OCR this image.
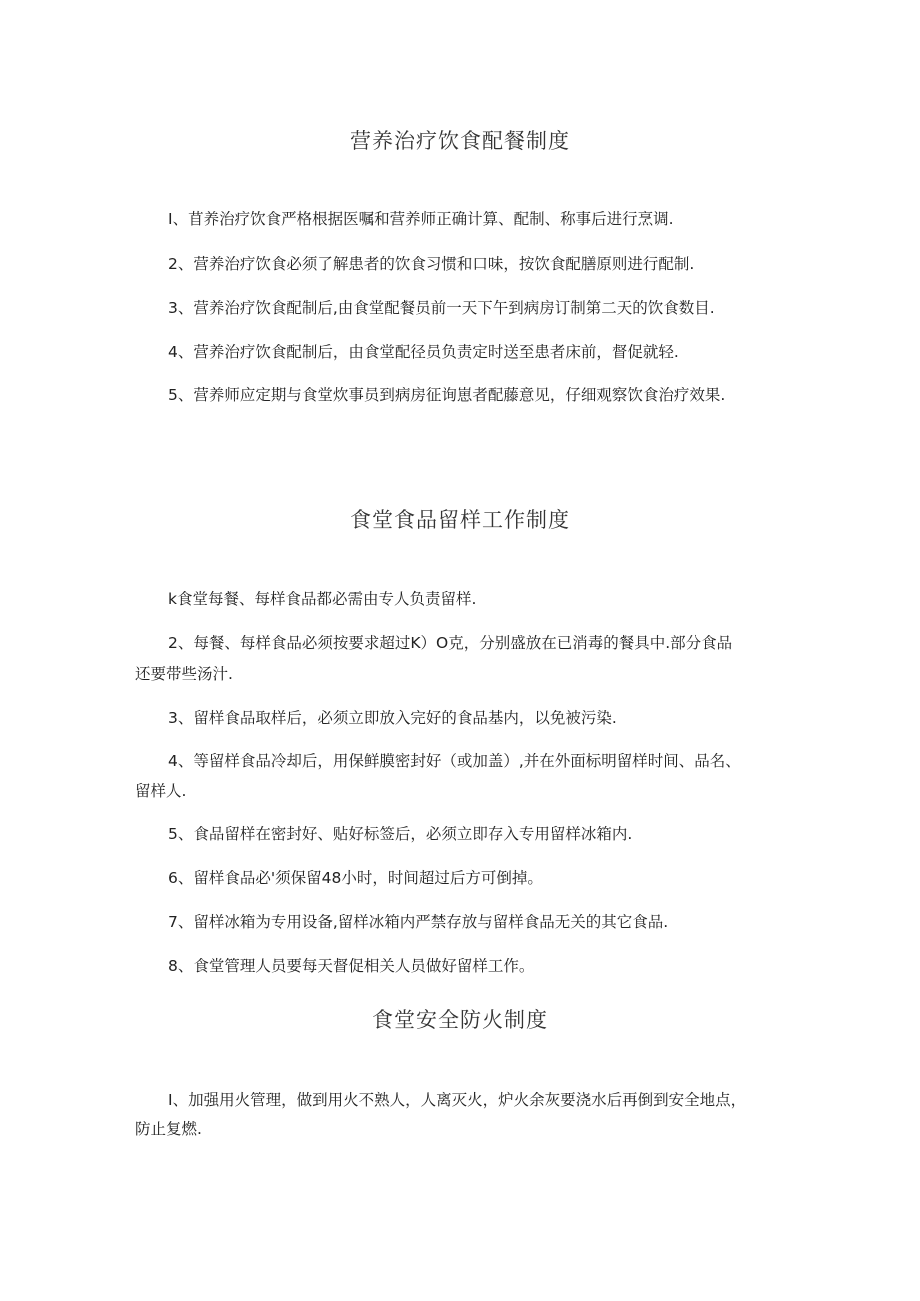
营养治疗饮食配餐制度

I、苜养治疗饮食严格根据医嘱和营养师正确计算、配制、称事后进行烹调.

2、营养治疗饮食必须了解患者的饮食习惯和口味，按饮食配膳原则进行配制.

3、营养治疗饮食配制后,由食堂配餐员前一天下午到病房订制第二天的饮食数目.

4、营养治疗饮食配制后，由食堂配径员负责定时送至患者床前，督促就轻.

5、营养师应定期与食堂炊事员到病房征询崽者配藤意见，仔细观察饮食治疗效果.

食堂食品留样工作制度

k食堂每餐、每样食品都必需由专人负责留样.

2、每餐、每样食品必须按要求超过K）O克，分别盛放在已消毒的餐具中.部分食品

还要带些汤汁.

3、留样食品取样后，必须立即放入完好的食品基内，以免被污染.

4、等留样食品冷却后，用保鲜膜密封好（或加盖）,并在外面标明留样时间、品名、

留样人.

5、食品留样在密封好、贴好标签后，必须立即存入专用留样冰箱内.

6、留样食品必'须保留48小时，时间超过后方可倒掉。

7、留样冰箱为专用设备,留样冰箱内严禁存放与留样食品无关的其它食品.

8、食堂管理人员要每天督促相关人员做好留样工作。

食堂安全防火制度

I、加强用火管理，做到用火不熟人，人离灭火，炉火余灰要浇水后再倒到安全地点，

防止复燃.
